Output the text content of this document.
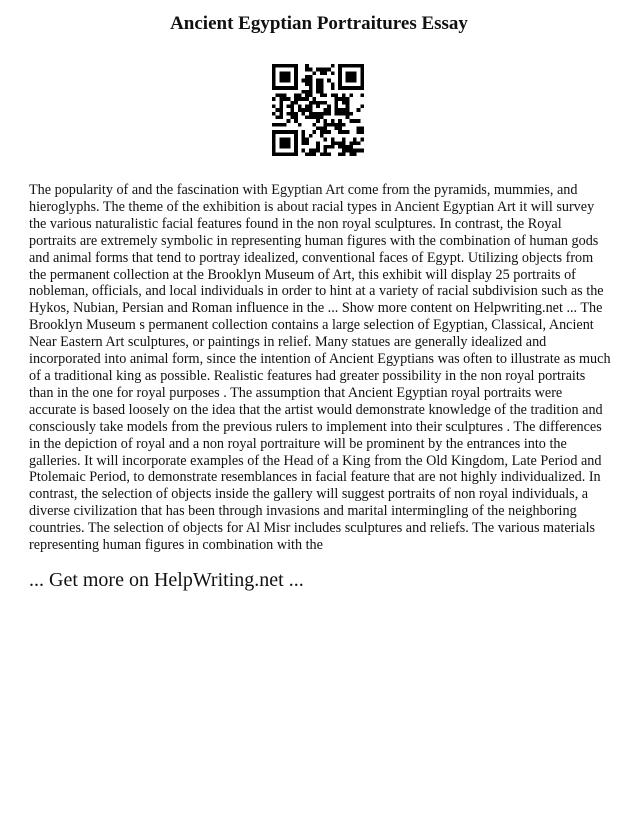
Ancient Egyptian Portraitures Essay
The popularity of and the fascination with Egyptian Art come from the pyramids, mummies, and hieroglyphs. The theme of the exhibition is about racial types in Ancient Egyptian Art it will survey the various naturalistic facial features found in the non royal sculptures. In contrast, the Royal portraits are extremely symbolic in representing human figures with the combination of human gods and animal forms that tend to portray idealized, conventional faces of Egypt. Utilizing objects from the permanent collection at the Brooklyn Museum of Art, this exhibit will display 25 portraits of nobleman, officials, and local individuals in order to hint at a variety of racial subdivision such as the Hykos, Nubian, Persian and Roman influence in the ... Show more content on Helpwriting.net ... The Brooklyn Museum s permanent collection contains a large selection of Egyptian, Classical, Ancient Near Eastern Art sculptures, or paintings in relief. Many statues are generally idealized and incorporated into animal form, since the intention of Ancient Egyptians was often to illustrate as much of a traditional king as possible. Realistic features had greater possibility in the non royal portraits than in the one for royal purposes . The assumption that Ancient Egyptian royal portraits were accurate is based loosely on the idea that the artist would demonstrate knowledge of the tradition and consciously take models from the previous rulers to implement into their sculptures . The differences in the depiction of royal and a non royal portraiture will be prominent by the entrances into the galleries. It will incorporate examples of the Head of a King from the Old Kingdom, Late Period and Ptolemaic Period, to demonstrate resemblances in facial feature that are not highly individualized. In contrast, the selection of objects inside the gallery will suggest portraits of non royal individuals, a diverse civilization that has been through invasions and marital intermingling of the neighboring countries. The selection of objects for Al Misr includes sculptures and reliefs. The various materials representing human figures in combination with the
... Get more on HelpWriting.net ...
